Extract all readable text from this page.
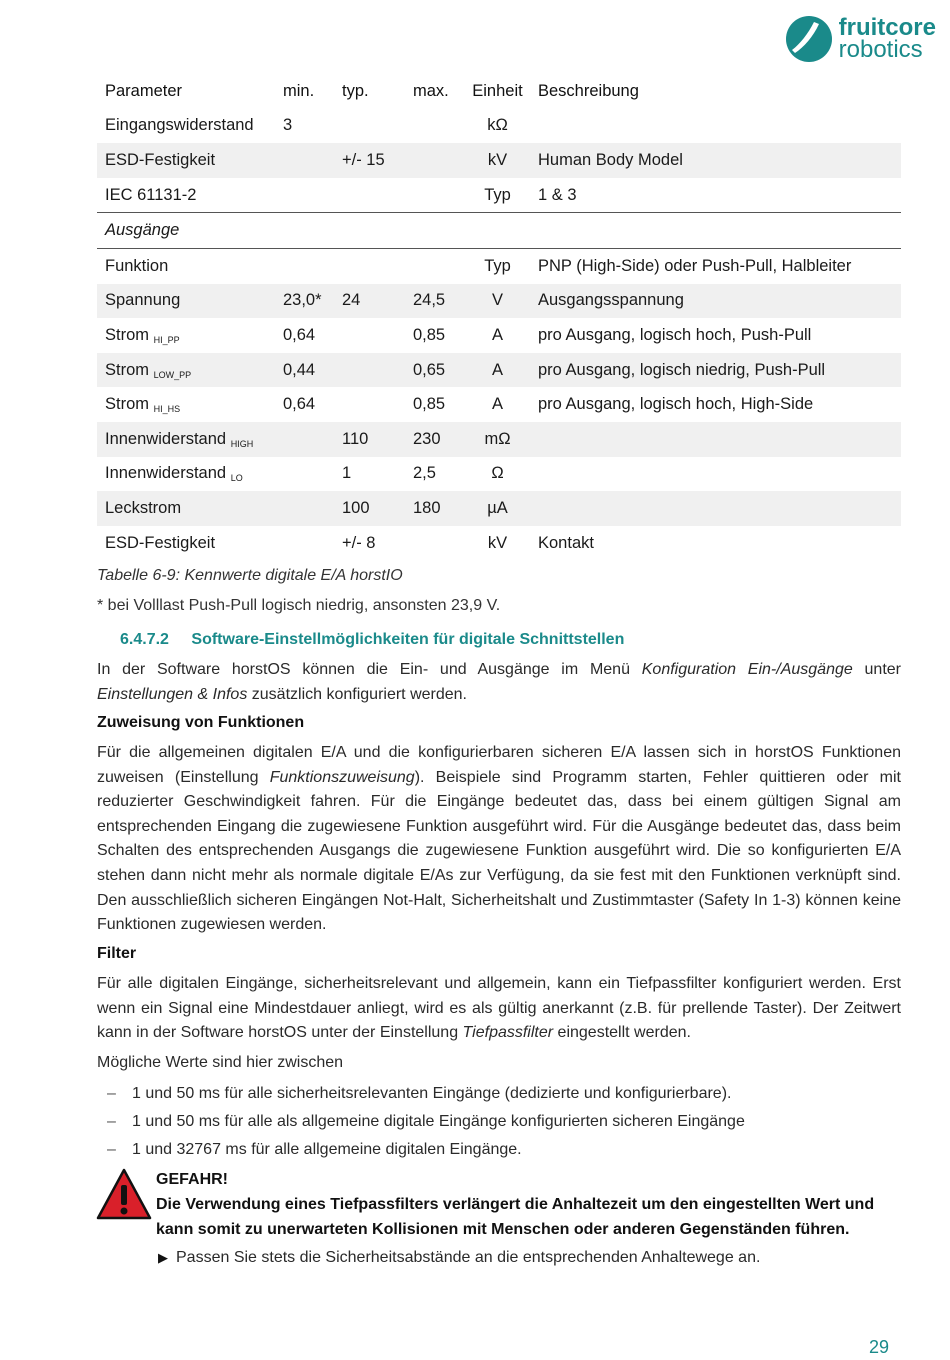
fruitcore
robotics
Parameter	min.	typ.	max.	Einheit	Beschreibung
Eingangswiderstand	3			kΩ	
ESD-Festigkeit		+/- 15		kV	Human Body Model
IEC 61131-2				Typ	1 & 3
Ausgänge					
Funktion				Typ	PNP (High-Side) oder Push-Pull, Halbleiter
Spannung	23,0*	24	24,5	V	Ausgangsspannung
Strom HI_PP	0,64		0,85	A	pro Ausgang, logisch hoch, Push-Pull
Strom LOW_PP	0,44		0,65	A	pro Ausgang, logisch niedrig, Push-Pull
Strom HI_HS	0,64		0,85	A	pro Ausgang, logisch hoch, High-Side
Innenwiderstand HIGH		110	230	mΩ	
Innenwiderstand LO		1	2,5	Ω	
Leckstrom		100	180	µA	
ESD-Festigkeit		+/- 8		kV	Kontakt
Tabelle 6-9: Kennwerte digitale E/A horstIO
* bei Volllast Push-Pull logisch niedrig, ansonsten 23,9 V.
6.4.7.2 Software-Einstellmöglichkeiten für digitale Schnittstellen
In der Software horstOS können die Ein- und Ausgänge im Menü Konfiguration Ein-/Ausgänge unter Einstellungen & Infos zusätzlich konfiguriert werden.
Zuweisung von Funktionen
Für die allgemeinen digitalen E/A und die konfigurierbaren sicheren E/A lassen sich in horstOS Funktionen zuweisen (Einstellung Funktionszuweisung). Beispiele sind Programm starten, Fehler quittieren oder mit reduzierter Geschwindigkeit fahren. Für die Eingänge bedeutet das, dass bei einem gültigen Signal am entsprechenden Eingang die zugewiesene Funktion ausgeführt wird. Für die Ausgänge bedeutet das, dass beim Schalten des entsprechenden Ausgangs die zugewiesene Funktion ausgeführt wird. Die so konfigurierten E/A stehen dann nicht mehr als normale digitale E/As zur Verfügung, da sie fest mit den Funktionen verknüpft sind. Den ausschließlich sicheren Eingängen Not-Halt, Sicherheitshalt und Zustimmtaster (Safety In 1-3) können keine Funktionen zugewiesen werden.
Filter
Für alle digitalen Eingänge, sicherheitsrelevant und allgemein, kann ein Tiefpassfilter konfiguriert werden. Erst wenn ein Signal eine Mindestdauer anliegt, wird es als gültig anerkannt (z.B. für prellende Taster). Der Zeitwert kann in der Software horstOS unter der Einstellung Tiefpassfilter eingestellt werden.
Mögliche Werte sind hier zwischen
–	1 und 50 ms für alle sicherheitsrelevanten Eingänge (dedizierte und konfigurierbare).
–	1 und 50 ms für alle als allgemeine digitale Eingänge konfigurierten sicheren Eingänge
–	1 und 32767 ms für alle allgemeine digitalen Eingänge.
GEFAHR!
Die Verwendung eines Tiefpassfilters verlängert die Anhaltezeit um den eingestellten Wert und kann somit zu unerwarteten Kollisionen mit Menschen oder anderen Gegenständen führen.
▶ Passen Sie stets die Sicherheitsabstände an die entsprechenden Anhaltewege an.
29
